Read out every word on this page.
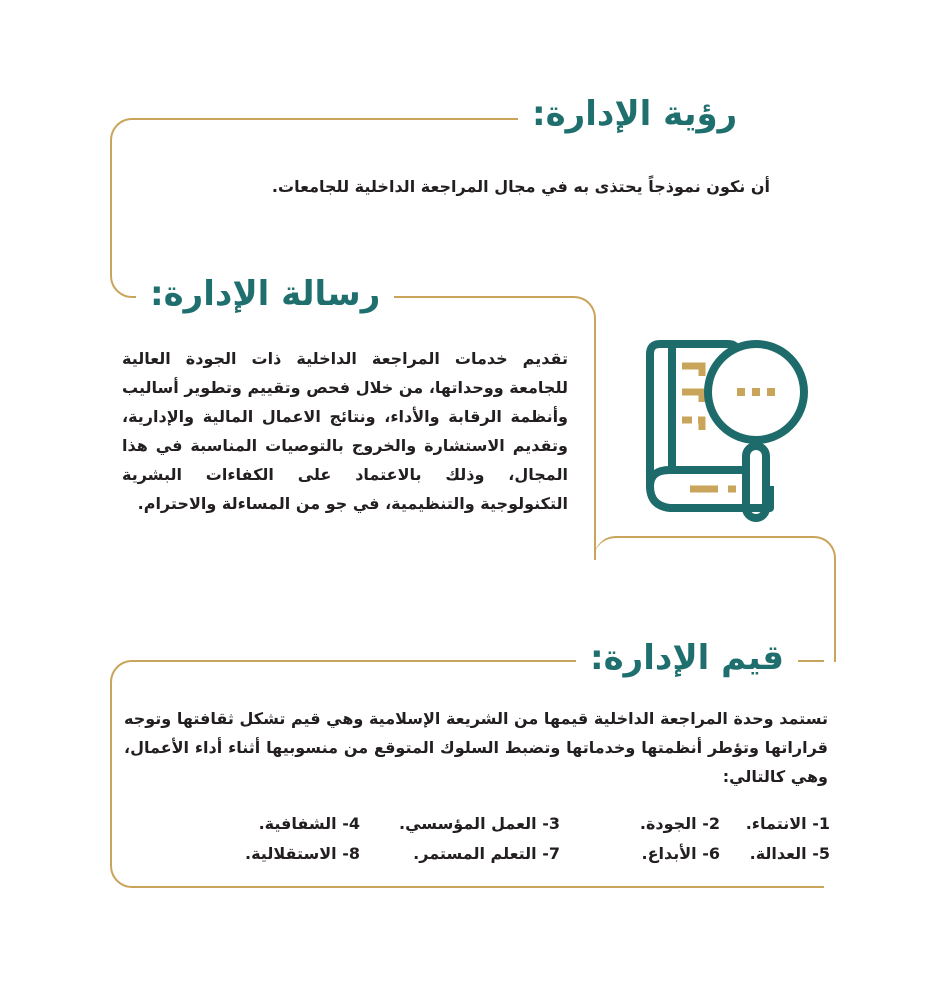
رؤية الإدارة:
رسالة الإدارة:
قيم الإدارة:
أن نكون نموذجاً يحتذى به في مجال المراجعة الداخلية للجامعات.
تقديم خدمات المراجعة الداخلية ذات الجودة العالية للجامعة ووحداتها، من خلال فحص وتقييم وتطوير أساليب وأنظمة الرقابة والأداء، ونتائج الاعمال المالية والإدارية، وتقديم الاستشارة والخروج بالتوصيات المناسبة في هذا المجال، وذلك بالاعتماد على الكفاءات البشرية التكنولوجية والتنظيمية، في جو من المساءلة والاحترام.
تستمد وحدة المراجعة الداخلية قيمها من الشريعة الإسلامية وهي قيم تشكل ثقافتها وتوجه قراراتها وتؤطر أنظمتها وخدماتها وتضبط السلوك المتوقع من منسوبيها أثناء أداء الأعمال، وهي كالتالي:
1- الانتماء.
2- الجودة.
3- العمل المؤسسي.
4- الشفافية.
5- العدالة.
6- الأبداع.
7- التعلم المستمر.
8- الاستقلالية.
